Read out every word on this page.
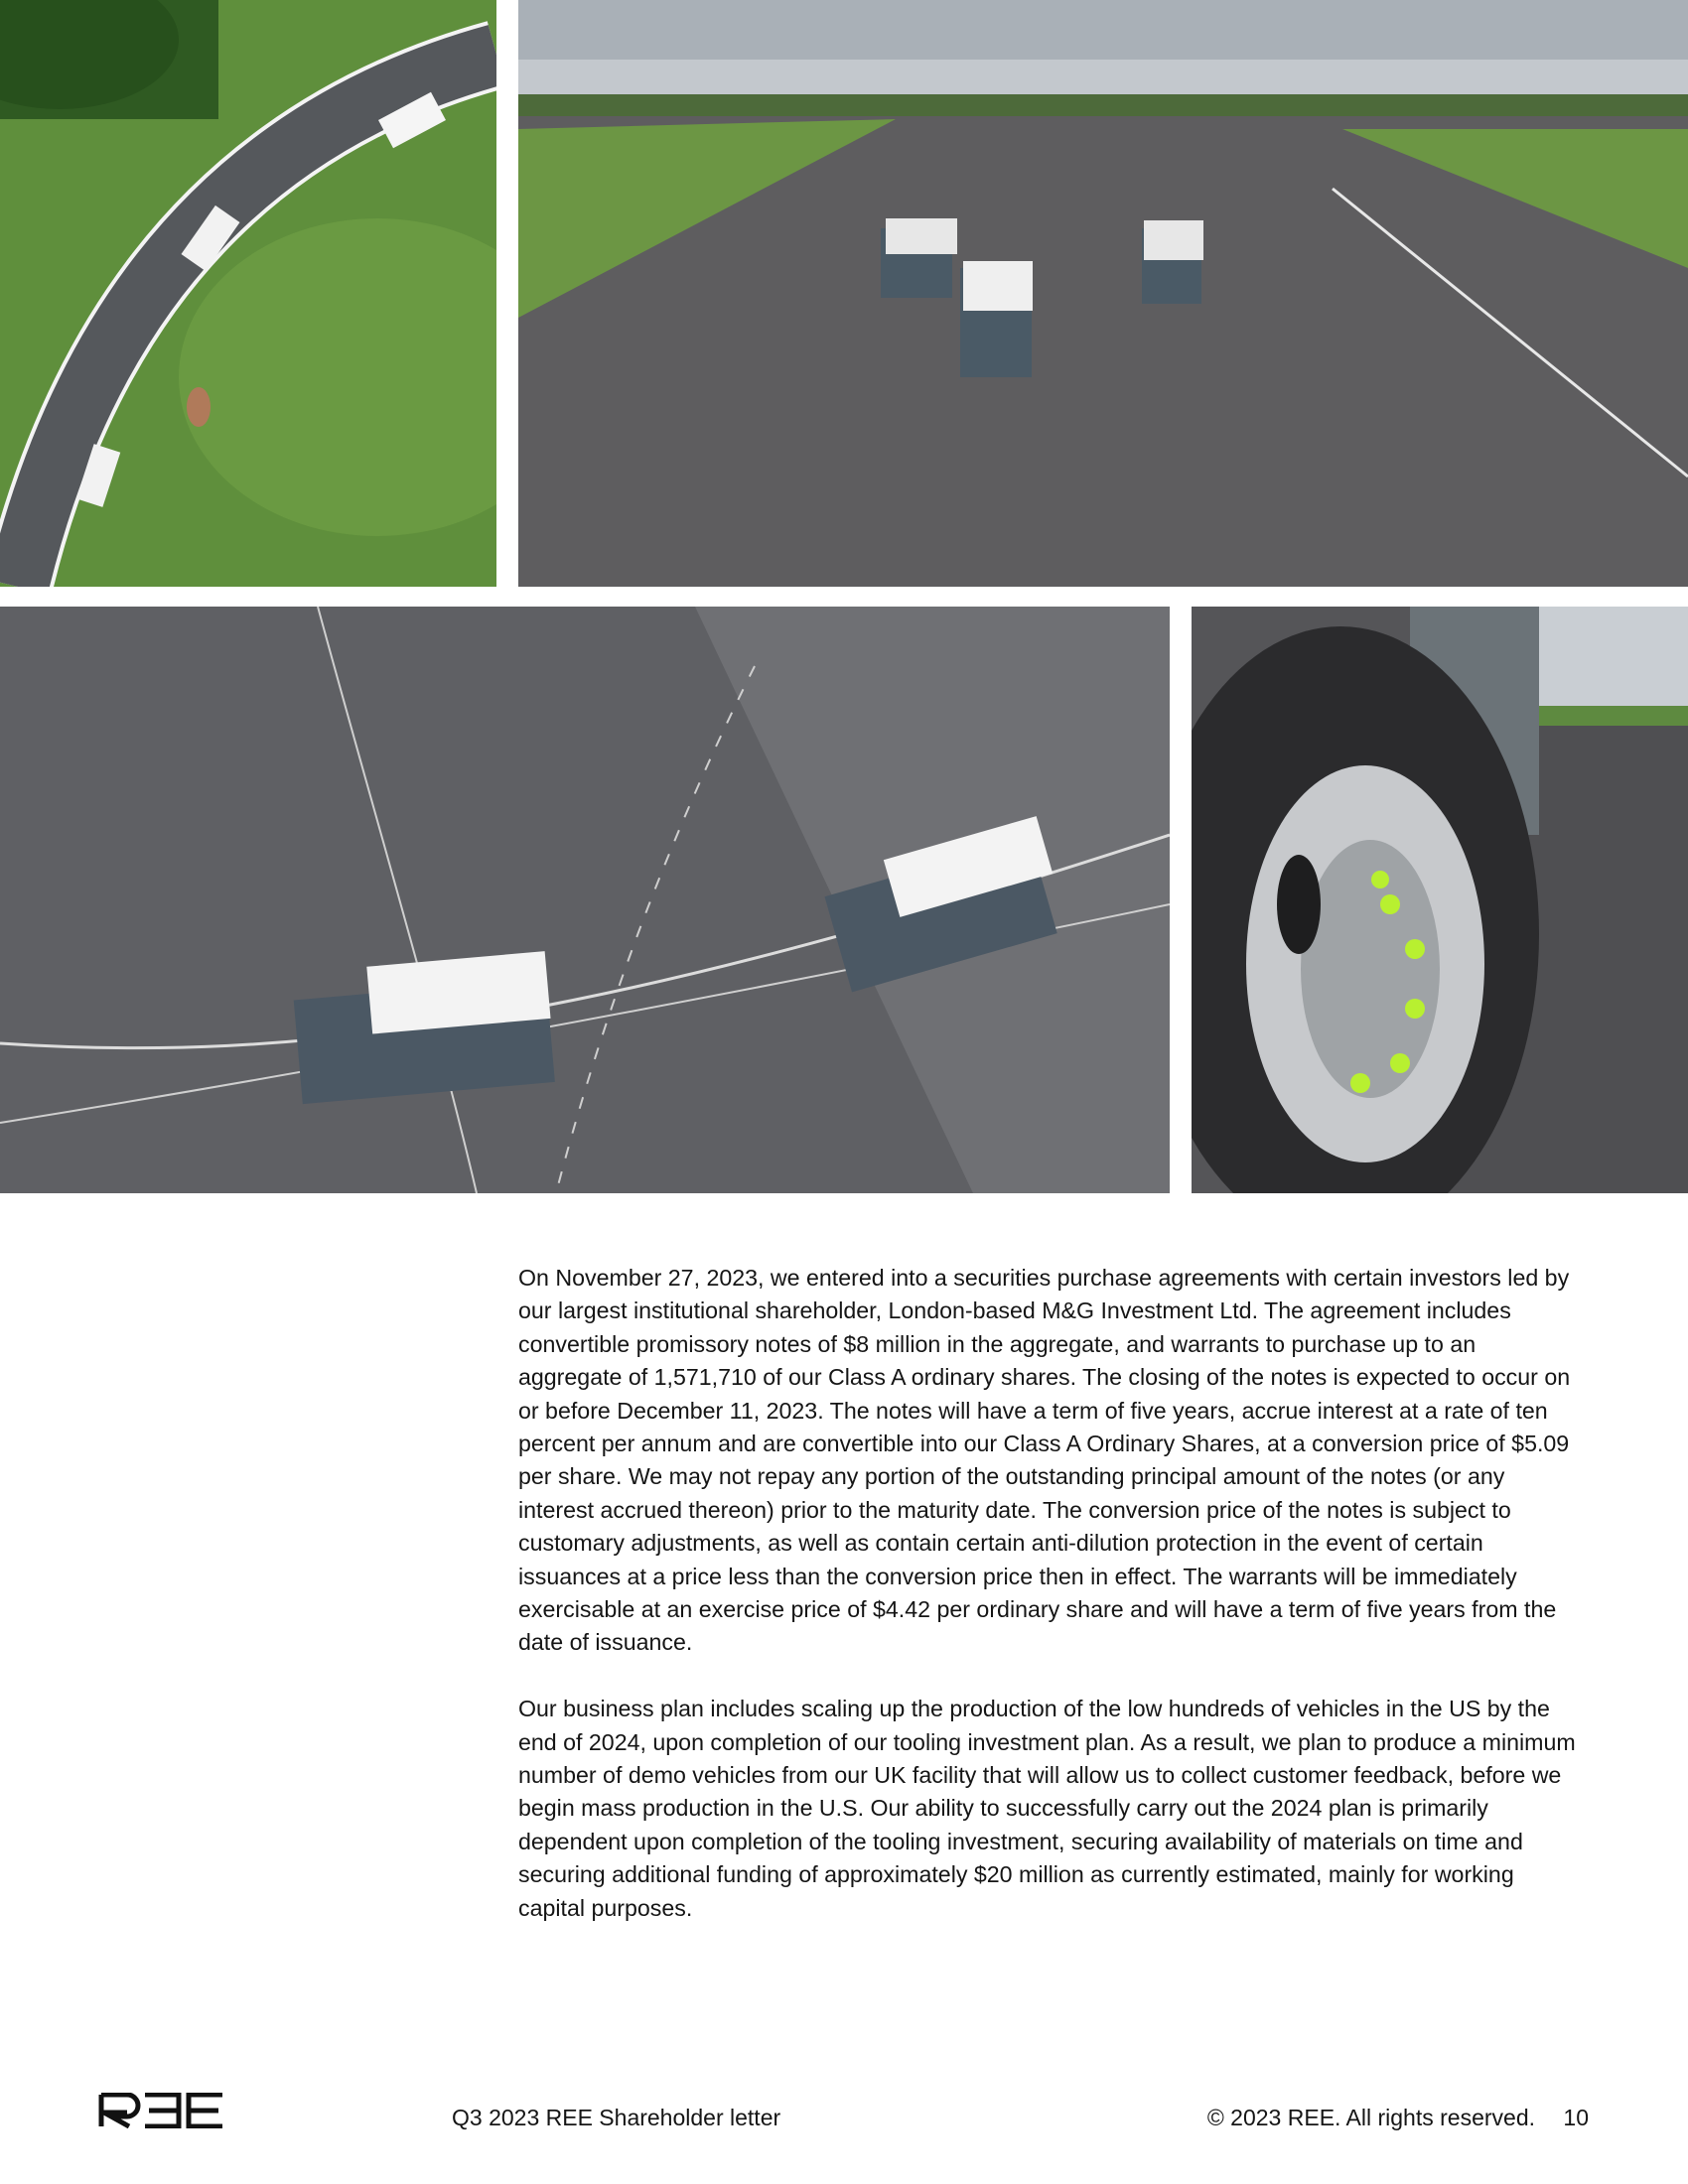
On November 27, 2023, we entered into a securities purchase agreements with certain investors led by our largest institutional shareholder, London-based M&G Investment Ltd. The agreement includes convertible promissory notes of $8 million in the aggregate, and warrants to purchase up to an aggregate of 1,571,710 of our Class A ordinary shares. The closing of the notes is expected to occur on or before December 11, 2023. The notes will have a term of five years, accrue interest at a rate of ten percent per annum and are convertible into our Class A Ordinary Shares, at a conversion price of $5.09 per share. We may not repay any portion of the outstanding principal amount of the notes (or any interest accrued thereon) prior to the maturity date. The conversion price of the notes is subject to customary adjustments, as well as contain certain anti-dilution protection in the event of certain issuances at a price less than the conversion price then in effect. The warrants will be immediately exercisable at an exercise price of $4.42 per ordinary share and will have a term of five years from the date of issuance.

Our business plan includes scaling up the production of the low hundreds of vehicles in the US by the end of 2024, upon completion of our tooling investment plan. As a result, we plan to produce a minimum number of demo vehicles from our UK facility that will allow us to collect customer feedback, before we begin mass production in the U.S. Our ability to successfully carry out the 2024 plan is primarily dependent upon completion of the tooling investment, securing availability of materials on time and securing additional funding of approximately $20 million as currently estimated, mainly for working capital purposes.

Q3 2023 REE Shareholder letter	© 2023 REE. All rights reserved. 10
